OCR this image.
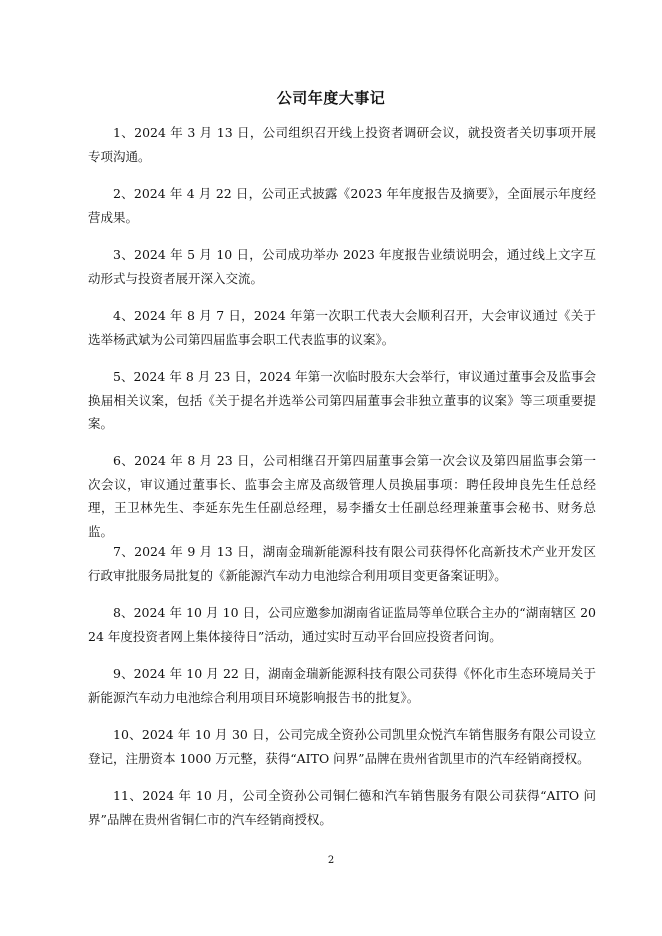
公司年度大事记

1、2024 年 3 月 13 日，公司组织召开线上投资者调研会议，就投资者关切事项开展专项沟通。

2、2024 年 4 月 22 日，公司正式披露《2023 年年度报告及摘要》，全面展示年度经营成果。

3、2024 年 5 月 10 日，公司成功举办 2023 年度报告业绩说明会，通过线上文字互动形式与投资者展开深入交流。

4、2024 年 8 月 7 日，2024 年第一次职工代表大会顺利召开，大会审议通过《关于选举杨武斌为公司第四届监事会职工代表监事的议案》。

5、2024 年 8 月 23 日，2024 年第一次临时股东大会举行，审议通过董事会及监事会换届相关议案，包括《关于提名并选举公司第四届董事会非独立董事的议案》等三项重要提案。

6、2024 年 8 月 23 日，公司相继召开第四届董事会第一次会议及第四届监事会第一次会议，审议通过董事长、监事会主席及高级管理人员换届事项：聘任段坤良先生任总经理，王卫林先生、李延东先生任副总经理，易李播女士任副总经理兼董事会秘书、财务总监。

7、2024 年 9 月 13 日，湖南金瑞新能源科技有限公司获得怀化高新技术产业开发区行政审批服务局批复的《新能源汽车动力电池综合利用项目变更备案证明》。

8、2024 年 10 月 10 日，公司应邀参加湖南省证监局等单位联合主办的“湖南辖区 2024 年度投资者网上集体接待日”活动，通过实时互动平台回应投资者问询。

9、2024 年 10 月 22 日，湖南金瑞新能源科技有限公司获得《怀化市生态环境局关于新能源汽车动力电池综合利用项目环境影响报告书的批复》。

10、2024 年 10 月 30 日，公司完成全资孙公司凯里众悦汽车销售服务有限公司设立登记，注册资本 1000 万元整，获得“AITO 问界”品牌在贵州省凯里市的汽车经销商授权。

11、2024 年 10 月，公司全资孙公司铜仁德和汽车销售服务有限公司获得“AITO 问界”品牌在贵州省铜仁市的汽车经销商授权。

2
